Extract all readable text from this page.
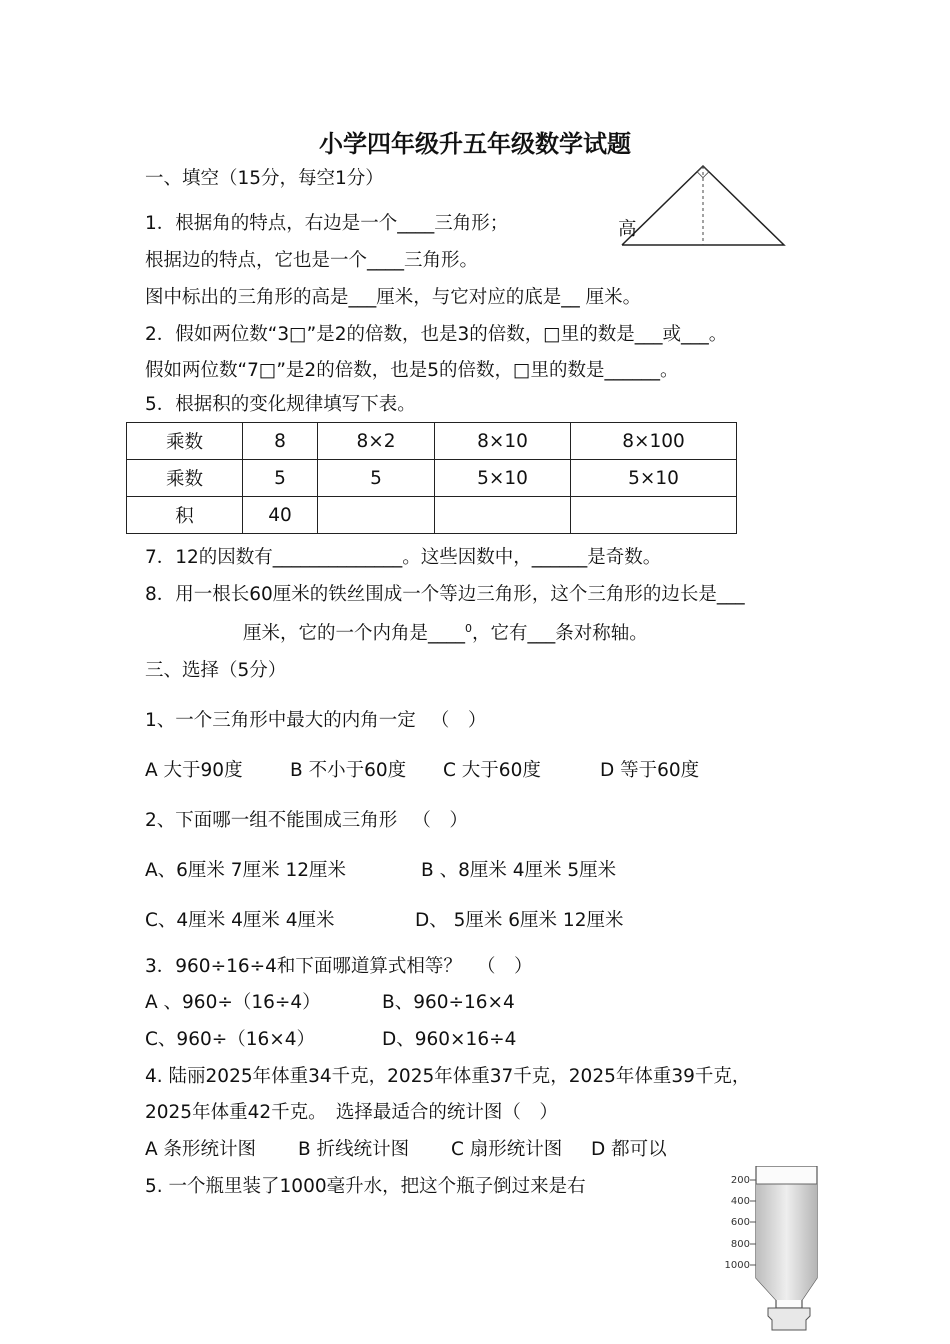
小学四年级升五年级数学试题
一、填空（15分，每空1分）
高
1．根据角的特点，右边是一个____三角形；
根据边的特点，它也是一个____三角形。
图中标出的三角形的高是___厘米，与它对应的底是__ 厘米。
2．假如两位数“3□”是2的倍数，也是3的倍数，□里的数是___或___。
假如两位数“7□”是2的倍数，也是5的倍数，□里的数是______。
5．根据积的变化规律填写下表。
乘数	8	8×2	8×10	8×100
乘数	5	5	5×10	5×10
积	40			
7．12的因数有______________。这些因数中，______是奇数。
8．用一根长60厘米的铁丝围成一个等边三角形，这个三角形的边长是___
厘米，它的一个内角是____$^0$，它有___条对称轴。
三、选择（5分）
1、一个三角形中最大的内角一定 　（　）
A 大于90度	B 不小于60度 C 大于60度	D 等于60度
2、下面哪一组不能围成三角形 　（　）
A、6厘米 7厘米 12厘米	B 、8厘米 4厘米 5厘米
C、4厘米 4厘米 4厘米	D、 5厘米 6厘米 12厘米
3．960÷16÷4和下面哪道算式相等？ 　（　）
A 、960÷（16÷4）	B、960÷16×4
C、960÷（16×4）	D、960×16÷4
4. 陆丽2025年体重34千克，2025年体重37千克，2025年体重39千克，
2025年体重42千克。　选择最适合的统计图（　）
A 条形统计图 B 折线统计图 C 扇形统计图 D 都可以
5. 一个瓶里装了1000毫升水，把这个瓶子倒过来是右	200
400
600
800
1000
